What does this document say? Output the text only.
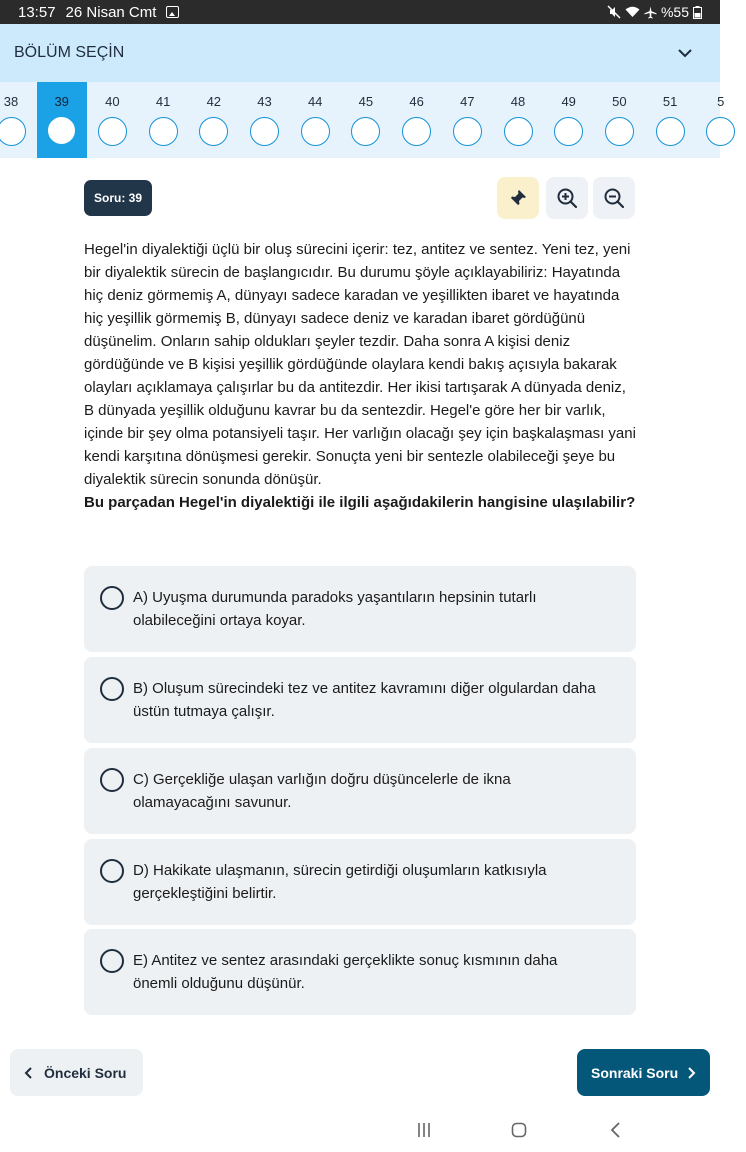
13:57 26 Nisan Cmt	%55
BÖLÜM SEÇİN
38	39	40	41	42	43	44	45	46	47	48	49	50	51	5
Soru: 39

Hegel'in diyalektiği üçlü bir oluş sürecini içerir: tez, antitez ve sentez. Yeni tez, yeni bir diyalektik sürecin de başlangıcıdır. Bu durumu şöyle açıklayabiliriz: Hayatında hiç deniz görmemiş A, dünyayı sadece karadan ve yeşillikten ibaret ve hayatında hiç yeşillik görmemiş B, dünyayı sadece deniz ve karadan ibaret gördüğünü düşünelim. Onların sahip oldukları şeyler tezdir. Daha sonra A kişisi deniz gördüğünde ve B kişisi yeşillik gördüğünde olaylara kendi bakış açısıyla bakarak olayları açıklamaya çalışırlar bu da antitezdir. Her ikisi tartışarak A dünyada deniz, B dünyada yeşillik olduğunu kavrar bu da sentezdir. Hegel'e göre her bir varlık, içinde bir şey olma potansiyeli taşır. Her varlığın olacağı şey için başkalaşması yani kendi karşıtına dönüşmesi gerekir. Sonuçta yeni bir sentezle olabileceği şeye bu diyalektik sürecin sonunda dönüşür.

Bu parçadan Hegel'in diyalektiği ile ilgili aşağıdakilerin hangisine ulaşılabilir?

A) Uyuşma durumunda paradoks yaşantıların hepsinin tutarlı olabileceğini ortaya koyar.
B) Oluşum sürecindeki tez ve antitez kavramını diğer olgulardan daha üstün tutmaya çalışır.
C) Gerçekliğe ulaşan varlığın doğru düşüncelerle de ikna olamayacağını savunur.
D) Hakikate ulaşmanın, sürecin getirdiği oluşumların katkısıyla gerçekleştiğini belirtir.
E) Antitez ve sentez arasındaki gerçeklikte sonuç kısmının daha önemli olduğunu düşünür.
Önceki Soru	Sonraki Soru
